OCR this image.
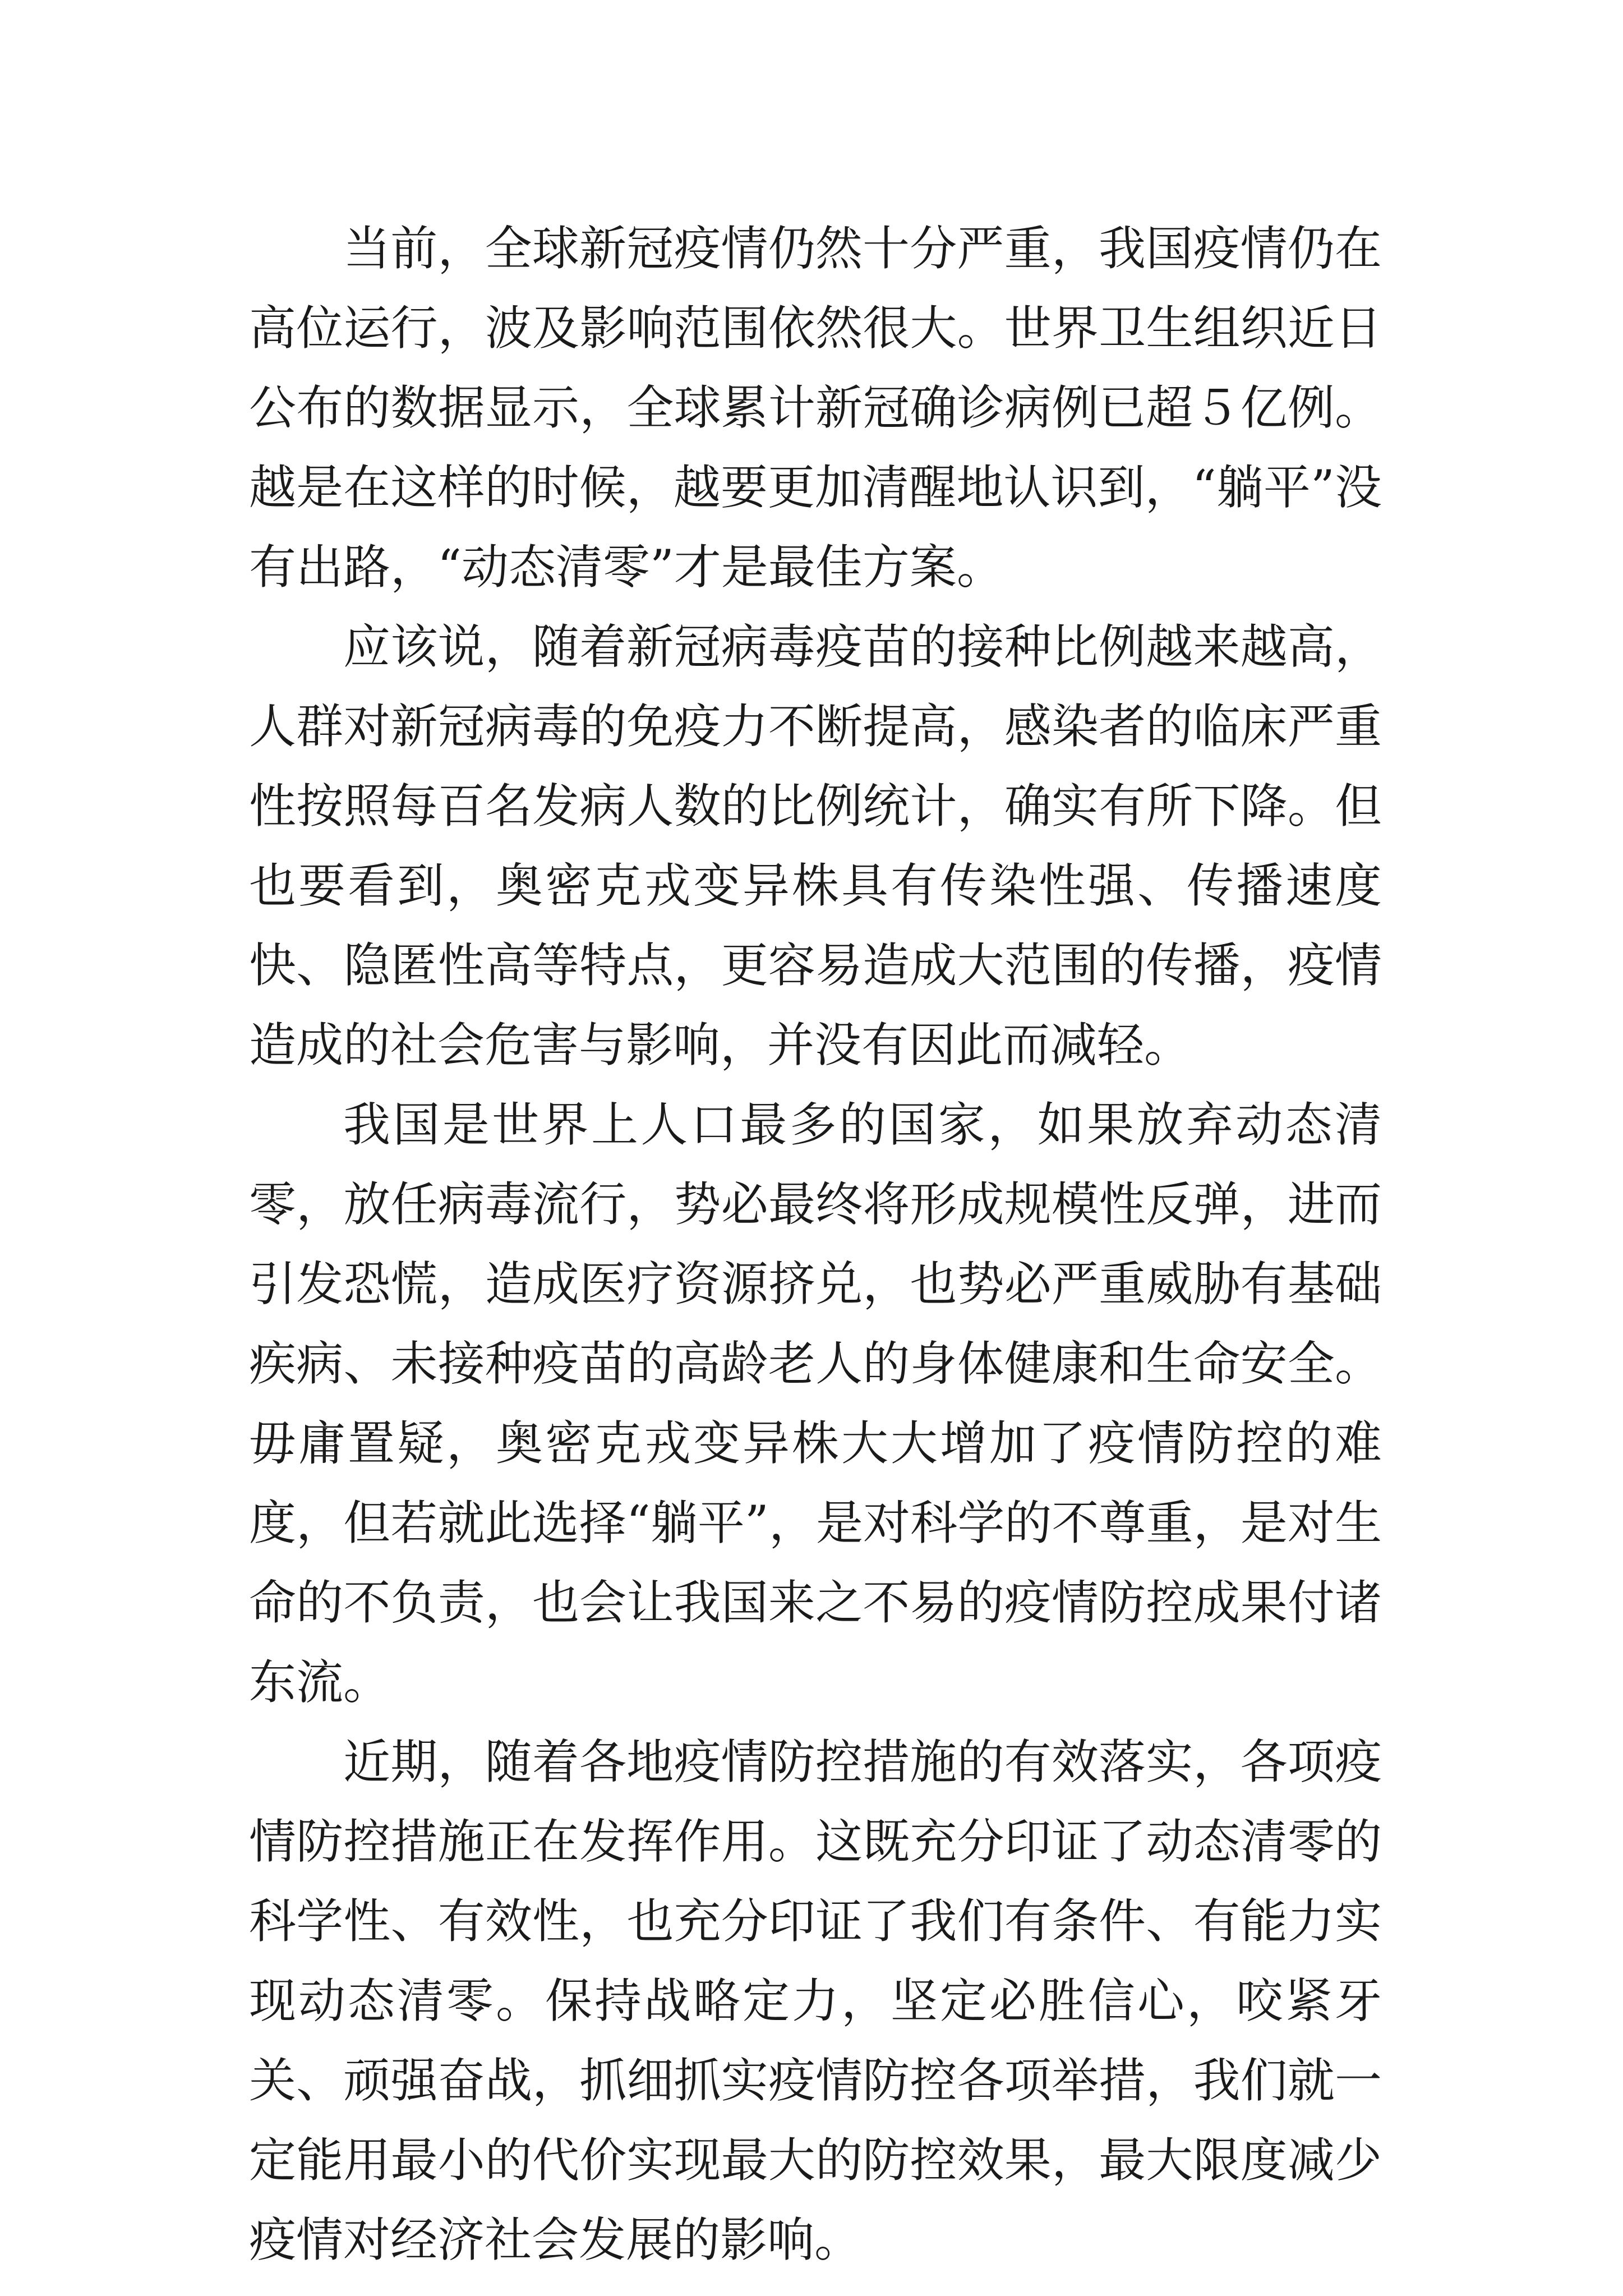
当前，全球新冠疫情仍然十分严重，我国疫情仍在高位运行，波及影响范围依然很大。世界卫生组织近日公布的数据显示，全球累计新冠确诊病例已超５亿例。越是在这样的时候，越要更加清醒地认识到，“躺平”没有出路，“动态清零”才是最佳方案。

应该说，随着新冠病毒疫苗的接种比例越来越高，人群对新冠病毒的免疫力不断提高，感染者的临床严重性按照每百名发病人数的比例统计，确实有所下降。但也要看到，奥密克戎变异株具有传染性强、传播速度快、隐匿性高等特点，更容易造成大范围的传播，疫情造成的社会危害与影响，并没有因此而减轻。

我国是世界上人口最多的国家，如果放弃动态清零，放任病毒流行，势必最终将形成规模性反弹，进而引发恐慌，造成医疗资源挤兑，也势必严重威胁有基础疾病、未接种疫苗的高龄老人的身体健康和生命安全。毋庸置疑，奥密克戎变异株大大增加了疫情防控的难度，但若就此选择“躺平”，是对科学的不尊重，是对生命的不负责，也会让我国来之不易的疫情防控成果付诸东流。

近期，随着各地疫情防控措施的有效落实，各项疫情防控措施正在发挥作用。这既充分印证了动态清零的科学性、有效性，也充分印证了我们有条件、有能力实现动态清零。保持战略定力，坚定必胜信心，咬紧牙关、顽强奋战，抓细抓实疫情防控各项举措，我们就一定能用最小的代价实现最大的防控效果，最大限度减少疫情对经济社会发展的影响。
